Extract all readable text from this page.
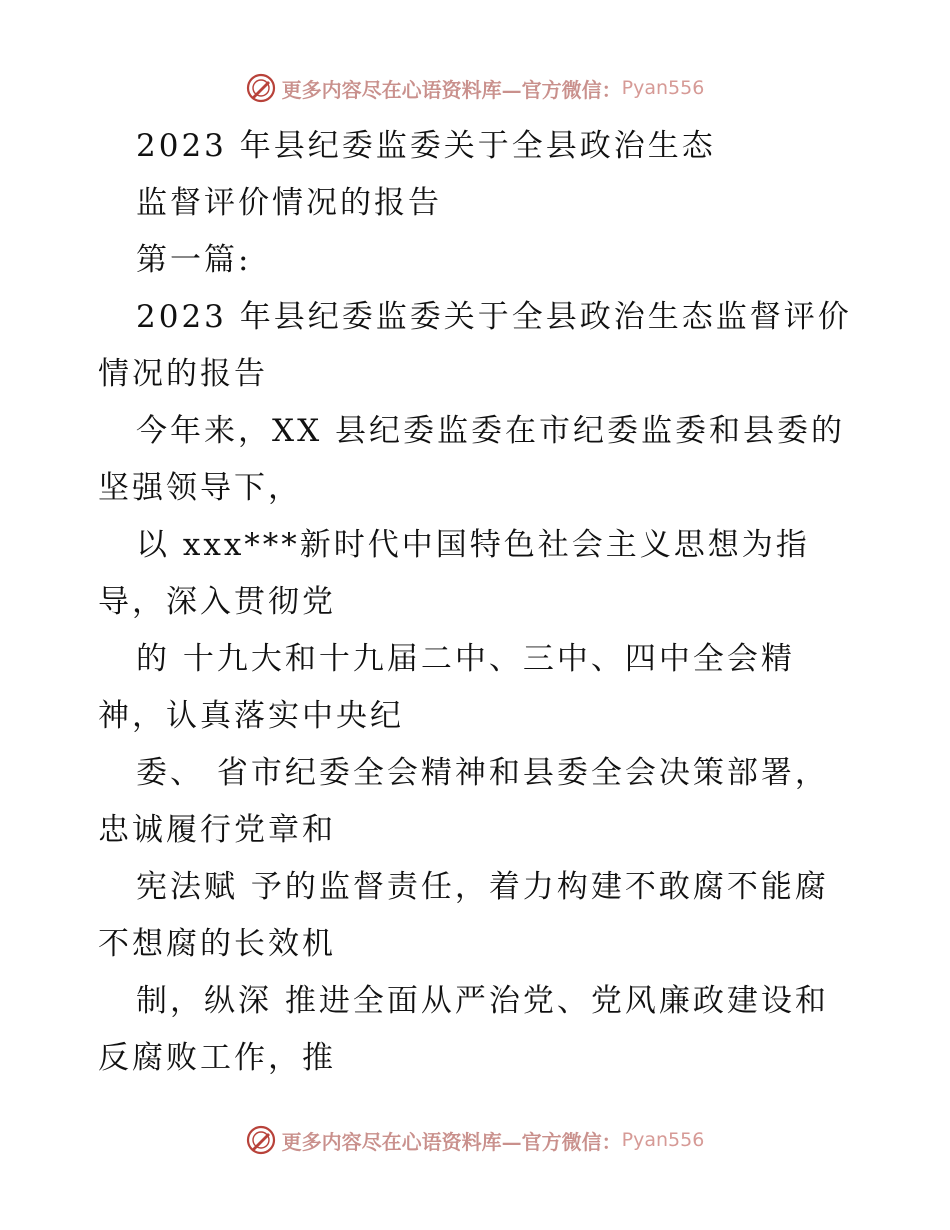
更多内容尽在心语资料库—官方微信： Pyan556
2023 年县纪委监委关于全县政治生态
监督评价情况的报告
第一篇:
2023 年县纪委监委关于全县政治生态监督评价
情况的报告
今年来，XX 县纪委监委在市纪委监委和县委的
坚强领导下，
以 xxx***新时代中国特色社会主义思想为指
导，深入贯彻党
的 十九大和十九届二中、三中、四中全会精
神，认真落实中央纪
委、 省市纪委全会精神和县委全会决策部署，
忠诚履行党章和
宪法赋 予的监督责任，着力构建不敢腐不能腐
不想腐的长效机
制，纵深 推进全面从严治党、党风廉政建设和
反腐败工作，推
更多内容尽在心语资料库—官方微信： Pyan556
